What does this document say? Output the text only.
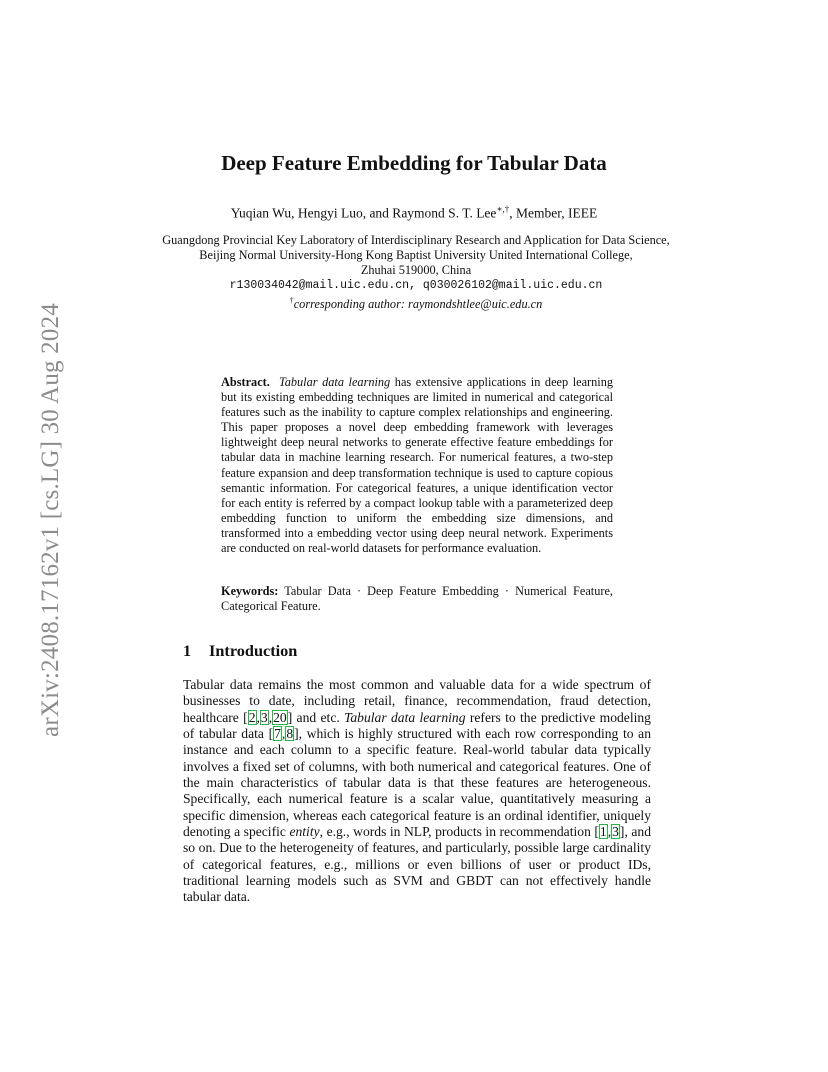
arXiv:2408.17162v1 [cs.LG] 30 Aug 2024
Deep Feature Embedding for Tabular Data
Yuqian Wu, Hengyi Luo, and Raymond S. T. Lee∗,†, Member, IEEE
Guangdong Provincial Key Laboratory of Interdisciplinary Research and Application for Data Science,
Beijing Normal University-Hong Kong Baptist University United International College,
Zhuhai 519000, China
r130034042@mail.uic.edu.cn, q030026102@mail.uic.edu.cn
†corresponding author: raymondshtlee@uic.edu.cn
Abstract. Tabular data learning has extensive applications in deep learning but its existing embedding techniques are limited in numerical and categorical features such as the inability to capture complex relationships and engineering. This paper proposes a novel deep embedding framework with leverages lightweight deep neural networks to generate effective feature embeddings for tabular data in machine learning research. For numerical features, a two-step feature expansion and deep transformation technique is used to capture copious semantic information. For categorical features, a unique identification vector for each entity is referred by a compact lookup table with a parameterized deep embedding function to uniform the embedding size dimensions, and transformed into a embedding vector using deep neural network. Experiments are conducted on real-world datasets for performance evaluation.
Keywords: Tabular Data · Deep Feature Embedding · Numerical Feature, Categorical Feature.
1 Introduction
Tabular data remains the most common and valuable data for a wide spectrum of businesses to date, including retail, finance, recommendation, fraud detection, healthcare [2,3,20] and etc. Tabular data learning refers to the predictive modeling of tabular data [7,8], which is highly structured with each row corresponding to an instance and each column to a specific feature. Real-world tabular data typically involves a fixed set of columns, with both numerical and categorical features. One of the main characteristics of tabular data is that these features are heterogeneous. Specifically, each numerical feature is a scalar value, quantitatively measuring a specific dimension, whereas each categorical feature is an ordinal identifier, uniquely denoting a specific entity, e.g., words in NLP, products in recommendation [1,3], and so on. Due to the heterogeneity of features, and particularly, possible large cardinality of categorical features, e.g., millions or even billions of user or product IDs, traditional learning models such as SVM and GBDT can not effectively handle tabular data.
